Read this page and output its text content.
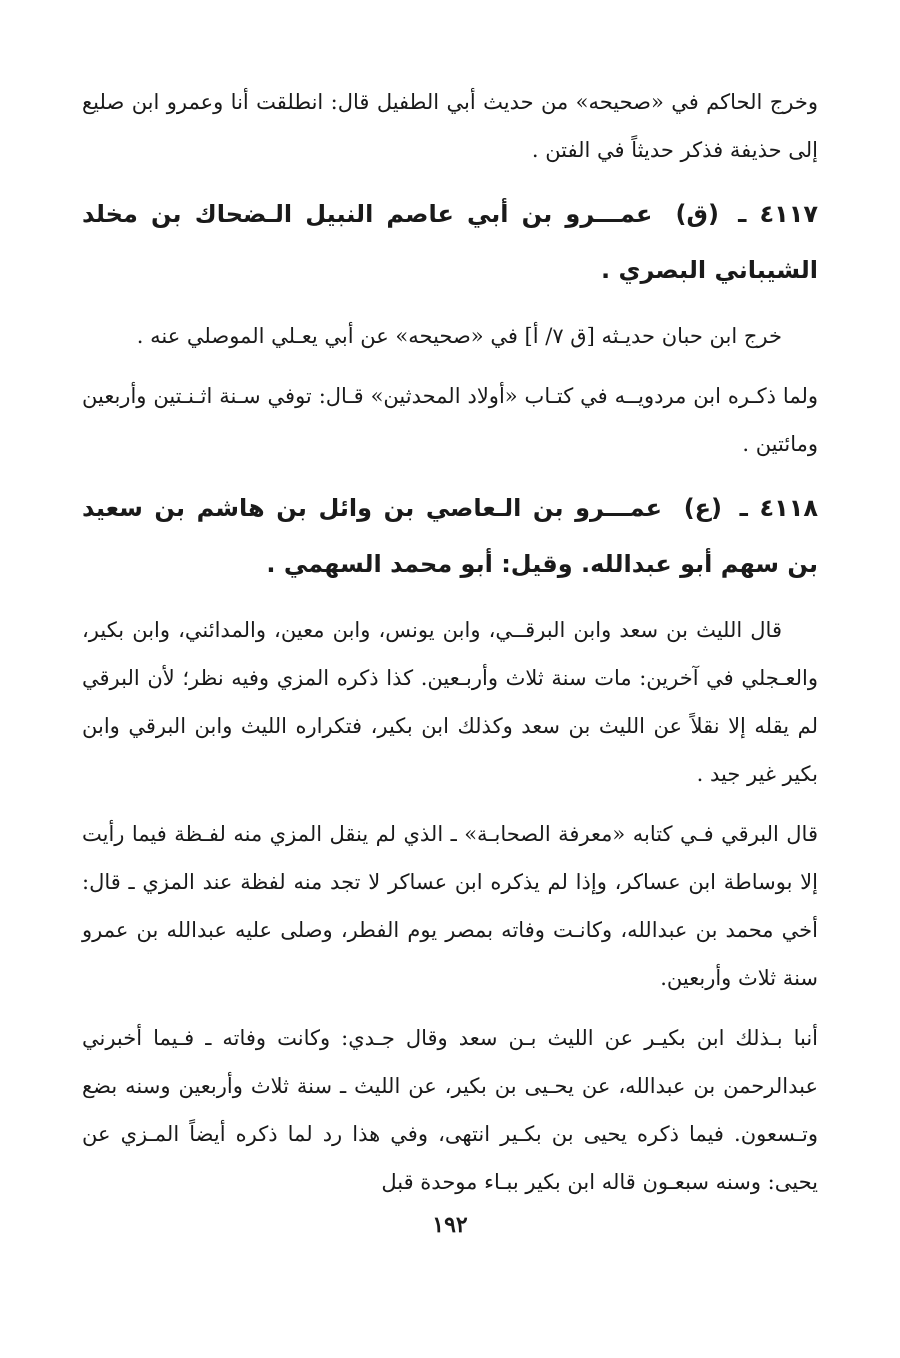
وخرج الحاكم في «صحيحه» من حديث أبي الطفيل قال: انطلقت أنا وعمرو ابن صليع إلى حذيفة فذكر حديثاً في الفتن .

٤١١٧ ـ (ق) عمـــرو بن أبي عاصم النبيل الـضحاك بن مخلد الشيباني البصري .

خرج ابن حبان حديـثه [ق ٧/ أ] في «صحيحه» عن أبي يعـلي الموصلي عنه .

ولما ذكـره ابن مردويــه في كتـاب «أولاد المحدثين» قـال: توفي سـنة اثـنـتين وأربعين ومائتين .

٤١١٨ ـ (ع) عمـــرو بن الـعاصي بن وائل بن هاشم بن سعيد بن سهم أبو عبدالله. وقيل: أبو محمد السهمي .

قال الليث بن سعد وابن البرقــي، وابن يونس، وابن معين، والمدائني، وابن بكير، والعـجلي في آخرين: مات سنة ثلاث وأربـعين. كذا ذكره المزي وفيه نظر؛ لأن البرقي لم يقله إلا نقلاً عن الليث بن سعد وكذلك ابن بكير، فتكراره الليث وابن البرقي وابن بكير غير جيد .

قال البرقي فـي كتابه «معرفة الصحابـة» ـ الذي لم ينقل المزي منه لفـظة فيما رأيت إلا بوساطة ابن عساكر، وإذا لم يذكره ابن عساكر لا تجد منه لفظة عند المزي ـ قال: أخي محمد بن عبدالله، وكانـت وفاته بمصر يوم الفطر، وصلى عليه عبدالله بن عمرو سنة ثلاث وأربعين.

أنبا بـذلك ابن بكيـر عن الليث بـن سعد وقال جـدي: وكانت وفاته ـ فـيما أخبرني عبدالرحمن بن عبدالله، عن يحـيى بن بكير، عن الليث ـ سنة ثلاث وأربعين وسنه بضع وتـسعون. فيما ذكره يحيى بن بكـير انتهى، وفي هذا رد لما ذكره أيضاً المـزي عن يحيى: وسنه سبعـون قاله ابن بكير ببـاء موحدة قبل

١٩٢
